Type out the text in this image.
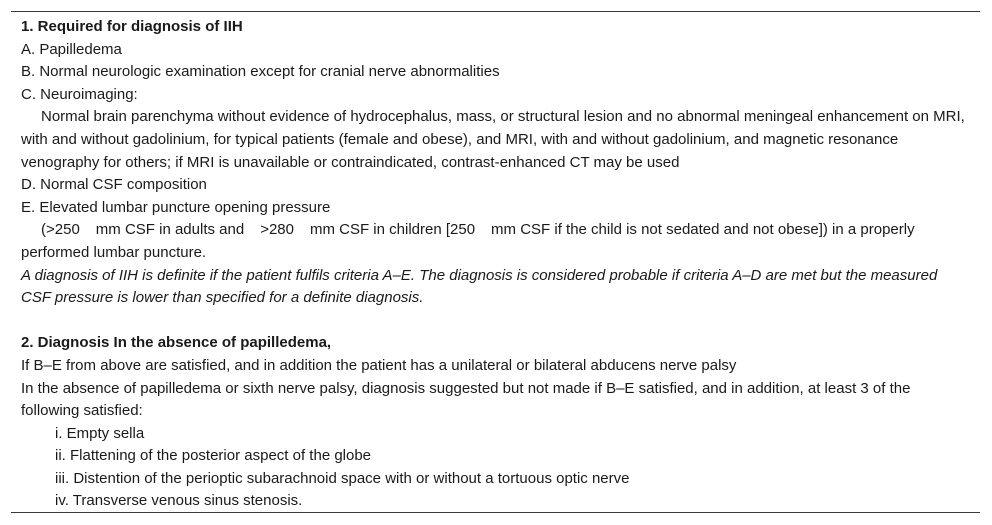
1. Required for diagnosis of IIH
A. Papilledema
B. Normal neurologic examination except for cranial nerve abnormalities
C. Neuroimaging:
Normal brain parenchyma without evidence of hydrocephalus, mass, or structural lesion and no abnormal meningeal enhancement on MRI, with and without gadolinium, for typical patients (female and obese), and MRI, with and without gadolinium, and magnetic resonance venography for others; if MRI is unavailable or contraindicated, contrast-enhanced CT may be used
D. Normal CSF composition
E. Elevated lumbar puncture opening pressure
(>250 mm CSF in adults and >280 mm CSF in children [250 mm CSF if the child is not sedated and not obese]) in a properly performed lumbar puncture.
A diagnosis of IIH is definite if the patient fulfils criteria A–E. The diagnosis is considered probable if criteria A–D are met but the measured CSF pressure is lower than specified for a definite diagnosis.
2. Diagnosis In the absence of papilledema,
If B–E from above are satisfied, and in addition the patient has a unilateral or bilateral abducens nerve palsy
In the absence of papilledema or sixth nerve palsy, diagnosis suggested but not made if B–E satisfied, and in addition, at least 3 of the following satisfied:
i. Empty sella
ii. Flattening of the posterior aspect of the globe
iii. Distention of the perioptic subarachnoid space with or without a tortuous optic nerve
iv. Transverse venous sinus stenosis.
